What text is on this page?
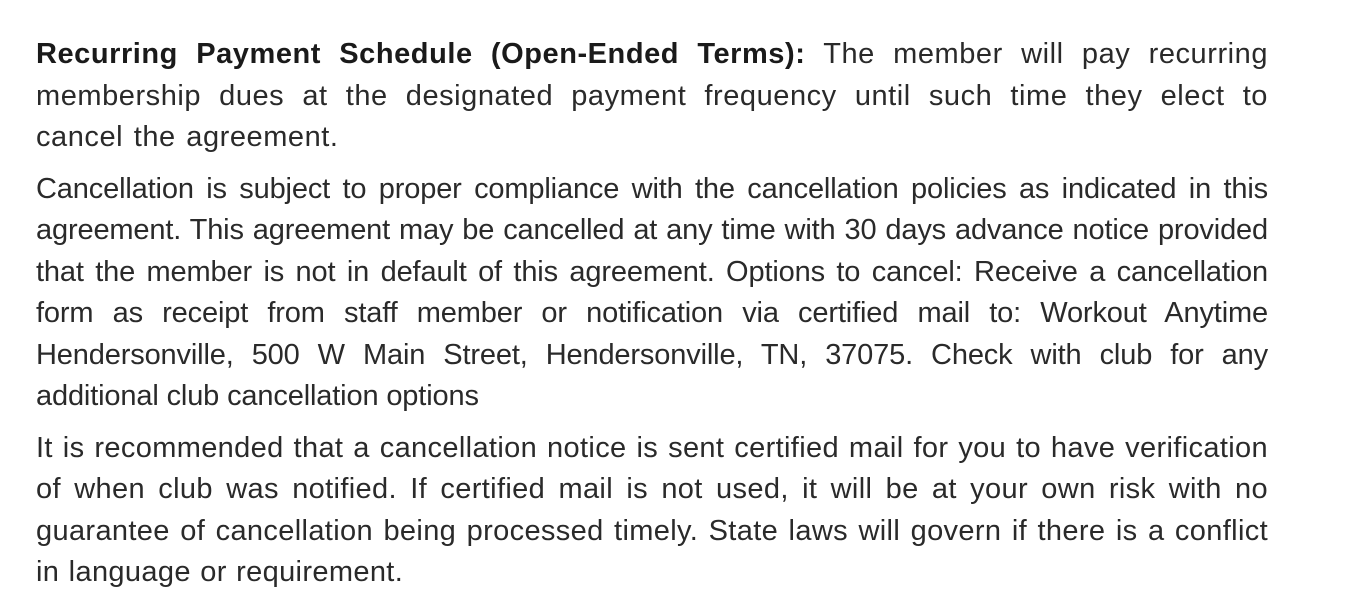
Recurring Payment Schedule (Open-Ended Terms): The member will pay recurring membership dues at the designated payment frequency until such time they elect to cancel the agreement.

Cancellation is subject to proper compliance with the cancellation policies as indicated in this agreement. This agreement may be cancelled at any time with 30 days advance notice provided that the member is not in default of this agreement. Options to cancel: Receive a cancellation form as receipt from staff member or notification via certified mail to: Workout Anytime Hendersonville, 500 W Main Street, Hendersonville, TN, 37075. Check with club for any additional club cancellation options

It is recommended that a cancellation notice is sent certified mail for you to have verification of when club was notified. If certified mail is not used, it will be at your own risk with no guarantee of cancellation being processed timely. State laws will govern if there is a conflict in language or requirement.
